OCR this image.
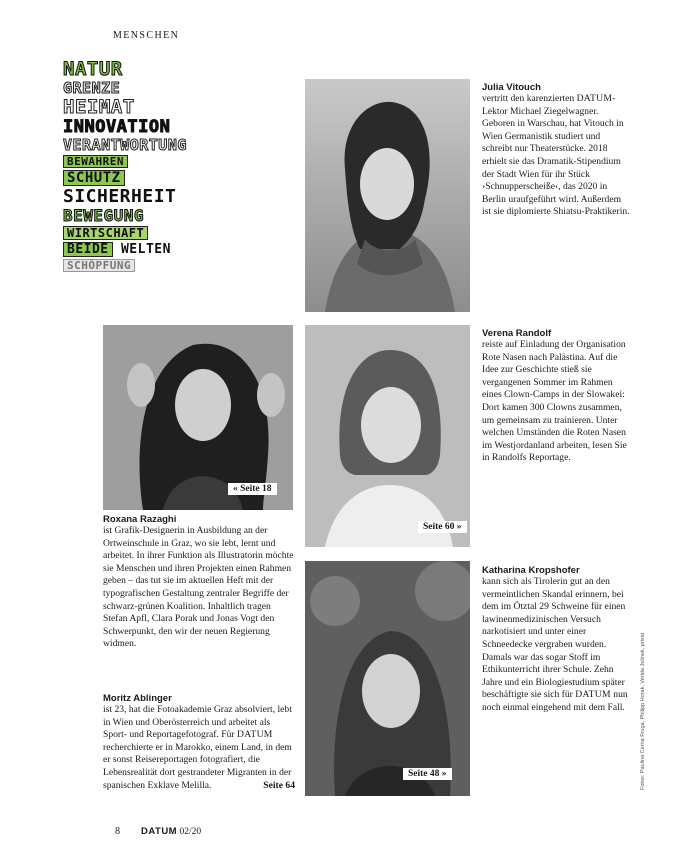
MENSCHEN
NATUR
GRENZE
HEIMAT
INNOVATION
VERANTWORTUNG
BEWAHREN
SCHUTZ
SICHERHEIT
BEWEGUNG
WIRTSCHAFT
BEIDE WELTEN
SCHÖPFUNG
Julia Vitouch
vertritt den karenzierten DATUM-Lektor Michael Ziegelwagner. Geboren in Warschau, hat Vitouch in Wien Germanistik studiert und schreibt nur Theaterstücke. 2018 erhielt sie das Dramatik-Stipendium der Stadt Wien für ihr Stück ›Schnupperscheiße‹, das 2020 in Berlin uraufgeführt wird. Außerdem ist sie diplomierte Shiatsu-Praktikerin.
« Seite 18
Seite 60 »
Verena Randolf
reiste auf Einladung der Organisation Rote Nasen nach Palästina. Auf die Idee zur Geschichte stieß sie vergangenen Sommer im Rahmen eines Clown-Camps in der Slowakei: Dort kamen 300 Clowns zusammen, um gemeinsam zu trainieren. Unter welchen Umständen die Roten Nasen im Westjordanland arbeiten, lesen Sie in Randolfs Reportage.
Roxana Razaghi
ist Grafik-Designerin in Ausbildung an der Ortweinschule in Graz, wo sie lebt, lernt und arbeitet. In ihrer Funktion als Illustratorin möchte sie Menschen und ihren Projekten einen Rahmen geben – das tut sie im aktuellen Heft mit der typografischen Gestaltung zentraler Begriffe der schwarz-grünen Koalition. Inhaltlich tragen Stefan Apfl, Clara Porak und Jonas Vogt den Schwerpunkt, den wir der neuen Regierung widmen.
Seite 48 »
Katharina Kropshofer
kann sich als Tirolerin gut an den vermeintlichen Skandal erinnern, bei dem im Ötztal 29 Schweine für einen lawinenmedizinischen Versuch narkotisiert und unter einer Schneedecke vergraben wurden. Damals war das sogar Stoff im Ethikunterricht ihrer Schule. Zehn Jahre und ein Biologiestudium später beschäftigte sie sich für DATUM nun noch einmal eingehend mit dem Fall.
Moritz Ablinger
ist 23, hat die Fotoakademie Graz absolviert, lebt in Wien und Oberösterreich und arbeitet als Sport- und Reportagefotograf. Für DATUM recherchierte er in Marokko, einem Land, in dem er sonst Reisereportagen fotografiert, die Lebensrealität dort gestrandeter Migranten in der spanischen Exklave Melilla.	Seite 64	Fotos: Paulina Cerna Fruga, Philipp Horak, Verida Jelinek, privat
8 DATUM 02/20
